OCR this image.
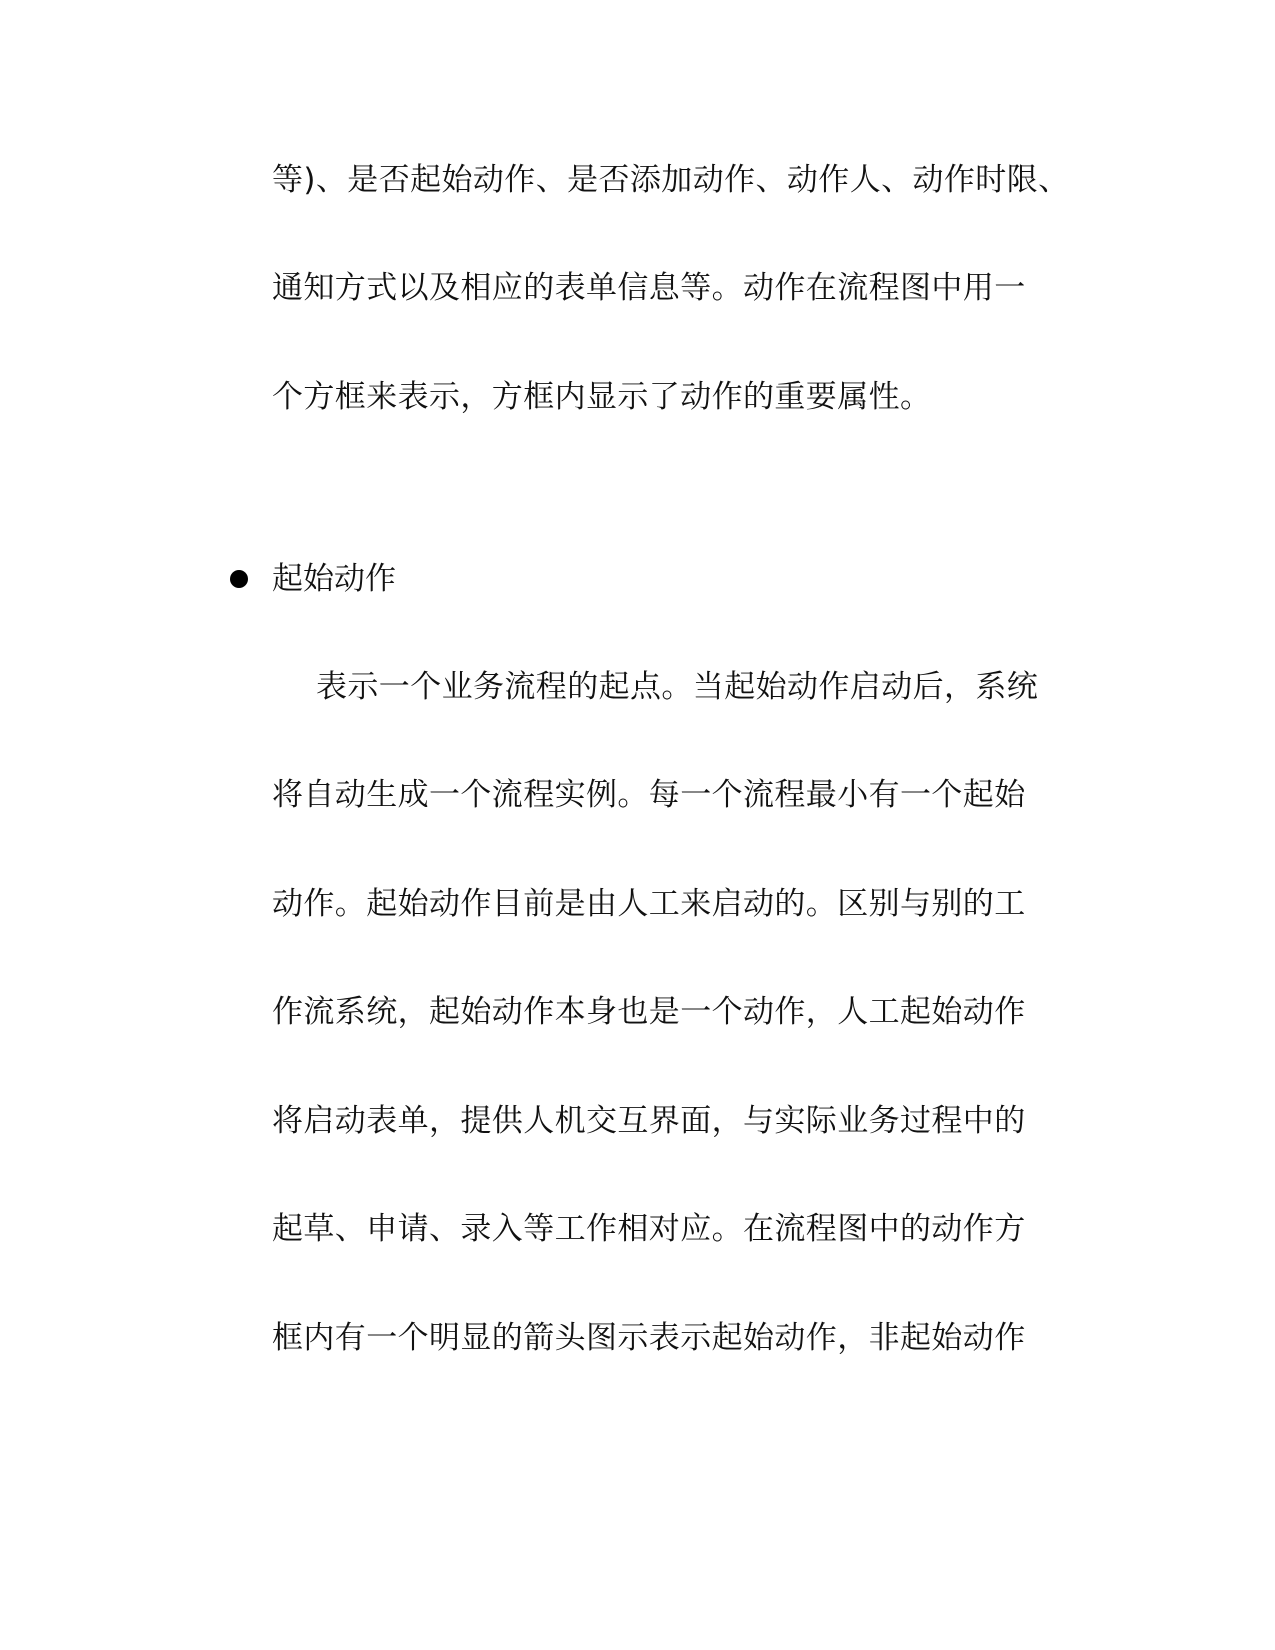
等)、是否起始动作、是否添加动作、动作人、动作时限、
通知方式以及相应的表单信息等。动作在流程图中用一
个方框来表示，方框内显示了动作的重要属性。
起始动作
表示一个业务流程的起点。当起始动作启动后，系统
将自动生成一个流程实例。每一个流程最小有一个起始
动作。起始动作目前是由人工来启动的。区别与别的工
作流系统，起始动作本身也是一个动作，人工起始动作
将启动表单，提供人机交互界面，与实际业务过程中的
起草、申请、录入等工作相对应。在流程图中的动作方
框内有一个明显的箭头图示表示起始动作，非起始动作
